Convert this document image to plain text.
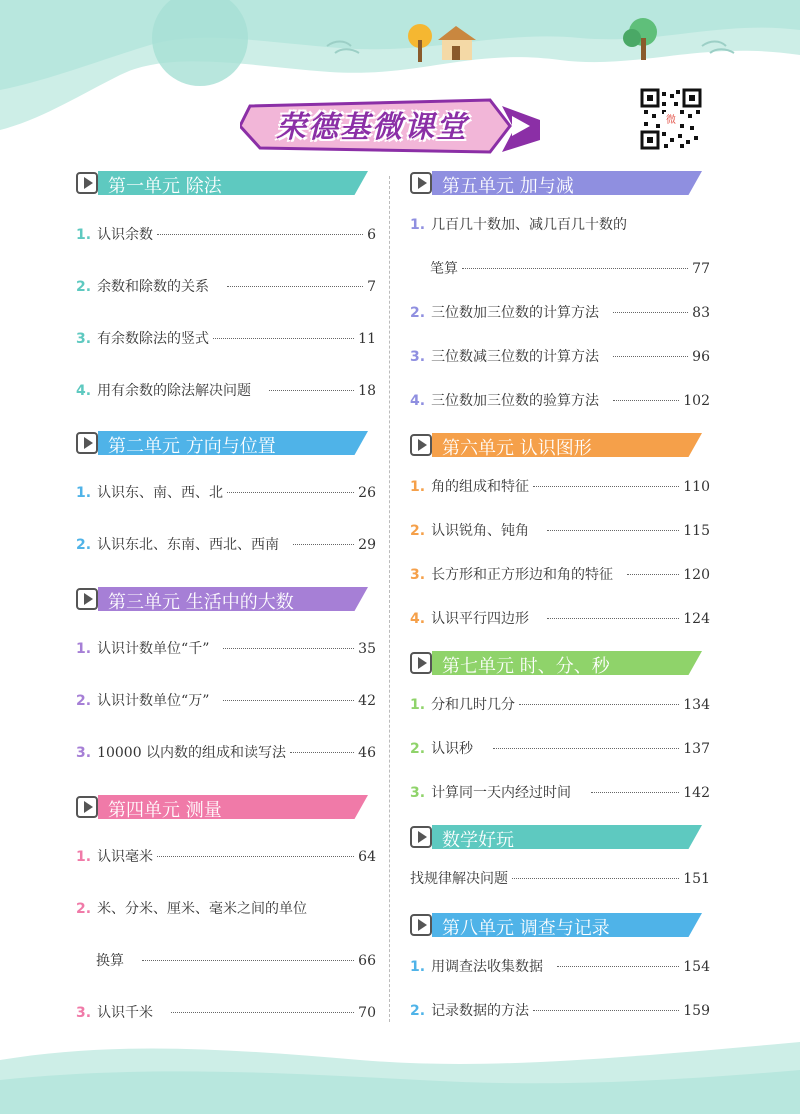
荣德基微课堂	微
第一单元 除法
1. 认识余数	6
2. 余数和除数的关系	7
3. 有余数除法的竖式	11
4. 用有余数的除法解决问题	18
第二单元 方向与位置
1. 认识东、南、西、北	26
2. 认识东北、东南、西北、西南	29
第三单元 生活中的大数
1. 认识计数单位“千”	35
2. 认识计数单位“万”	42
3. 10000 以内数的组成和读写法	46
第四单元 测量
1. 认识毫米	64
2. 米、分米、厘米、毫米之间的单位
换算	66
3. 认识千米	70
第五单元 加与减
1. 几百几十数加、减几百几十数的
笔算	77
2. 三位数加三位数的计算方法	83
3. 三位数减三位数的计算方法	96
4. 三位数加三位数的验算方法	102
第六单元 认识图形
1. 角的组成和特征	110
2. 认识锐角、钝角	115
3. 长方形和正方形边和角的特征	120
4. 认识平行四边形	124
第七单元 时、分、秒
1. 分和几时几分	134
2. 认识秒	137
3. 计算同一天内经过时间	142
数学好玩
找规律解决问题	151
第八单元 调查与记录
1. 用调查法收集数据	154
2. 记录数据的方法	159
